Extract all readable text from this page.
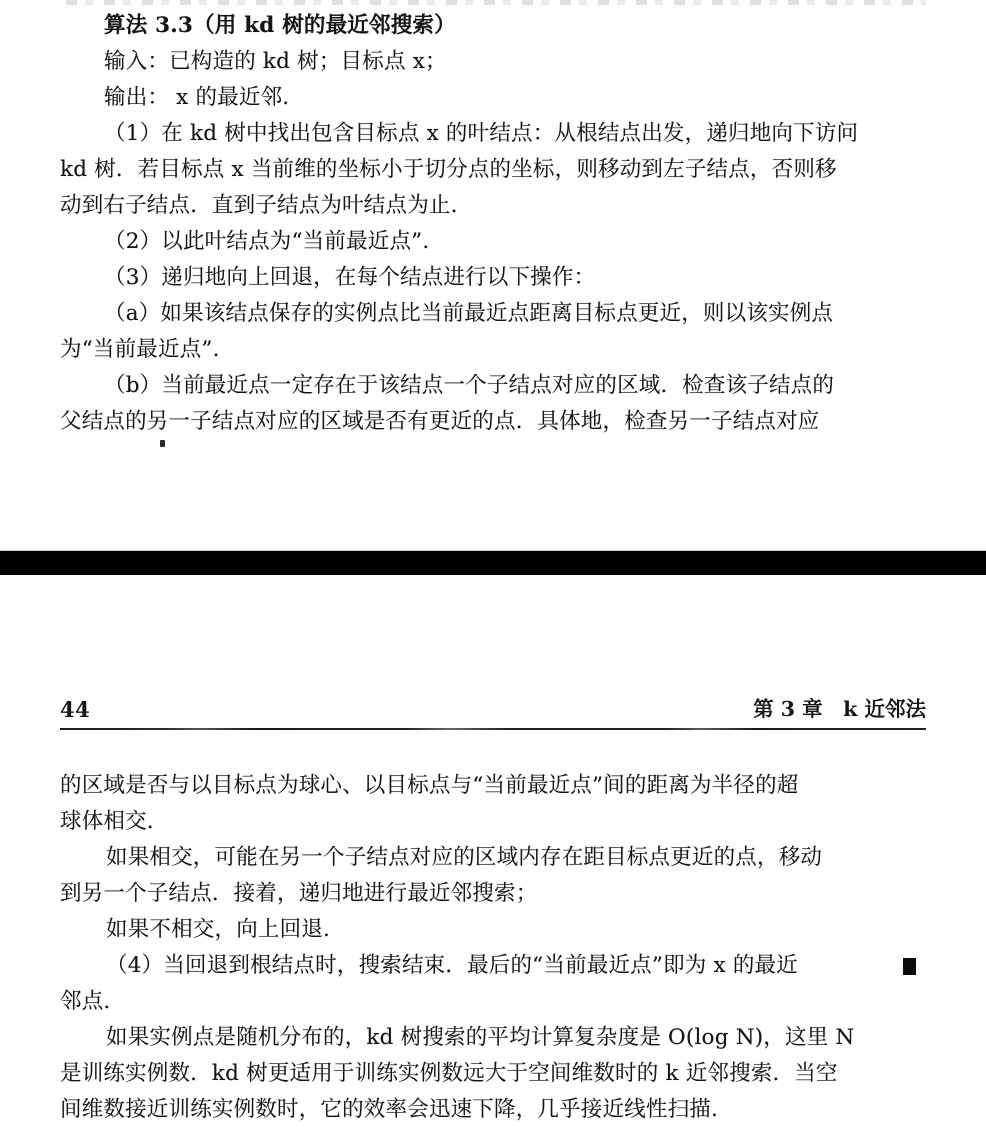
算法 3.3（用 kd 树的最近邻搜索）
输入：已构造的 kd 树；目标点 x；
输出： x 的最近邻.
（1）在 kd 树中找出包含目标点 x 的叶结点：从根结点出发，递归地向下访问
kd 树．若目标点 x 当前维的坐标小于切分点的坐标，则移动到左子结点，否则移
动到右子结点．直到子结点为叶结点为止.
（2）以此叶结点为“当前最近点”.
（3）递归地向上回退，在每个结点进行以下操作：
（a）如果该结点保存的实例点比当前最近点距离目标点更近，则以该实例点
为“当前最近点”.
（b）当前最近点一定存在于该结点一个子结点对应的区域．检查该子结点的
父结点的另一子结点对应的区域是否有更近的点．具体地，检查另一子结点对应
44	第 3 章　k 近邻法
的区域是否与以目标点为球心、以目标点与“当前最近点”间的距离为半径的超
球体相交.
如果相交，可能在另一个子结点对应的区域内存在距目标点更近的点，移动
到另一个子结点．接着，递归地进行最近邻搜索；
如果不相交，向上回退.
（4）当回退到根结点时，搜索结束．最后的“当前最近点”即为 x 的最近
邻点.
如果实例点是随机分布的，kd 树搜索的平均计算复杂度是 O(log N)，这里 N
是训练实例数．kd 树更适用于训练实例数远大于空间维数时的 k 近邻搜索．当空
间维数接近训练实例数时，它的效率会迅速下降，几乎接近线性扫描.
